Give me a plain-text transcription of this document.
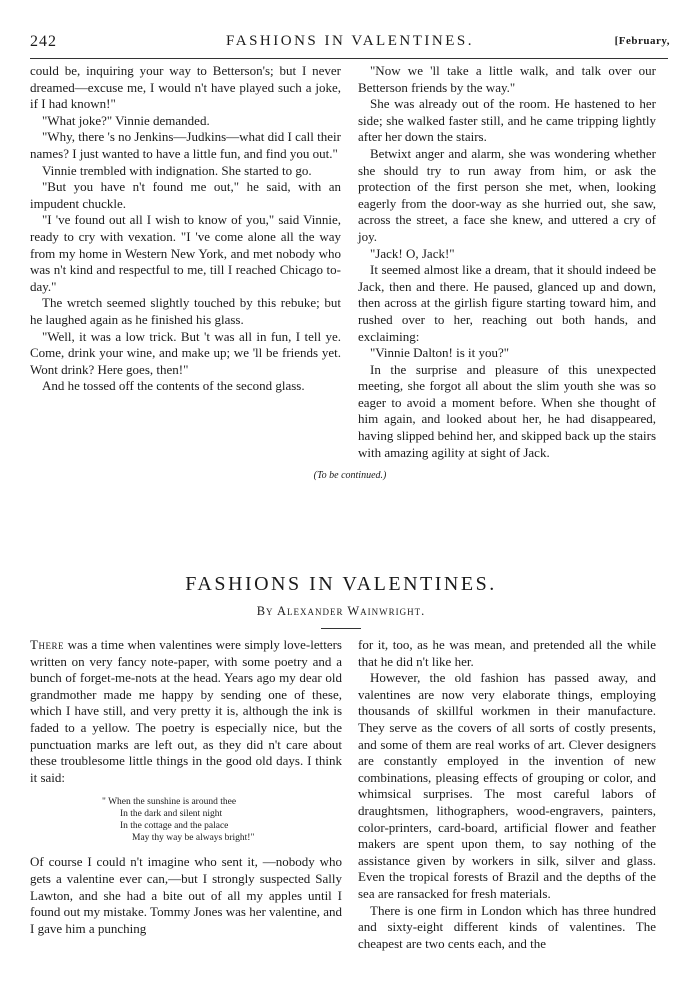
242	FASHIONS IN VALENTINES.	[February,

could be, inquiring your way to Betterson's; but I never dreamed—excuse me, I would n't have played such a joke, if I had known!"

"What joke?" Vinnie demanded.

"Why, there 's no Jenkins—Judkins—what did I call their names? I just wanted to have a little fun, and find you out."

Vinnie trembled with indignation. She started to go.

"But you have n't found me out," he said, with an impudent chuckle.

"I 've found out all I wish to know of you," said Vinnie, ready to cry with vexation. "I 've come alone all the way from my home in Western New York, and met nobody who was n't kind and respectful to me, till I reached Chicago to-day."

The wretch seemed slightly touched by this rebuke; but he laughed again as he finished his glass.

"Well, it was a low trick. But 't was all in fun, I tell ye. Come, drink your wine, and make up; we 'll be friends yet. Wont drink? Here goes, then!"

And he tossed off the contents of the second glass.

"Now we 'll take a little walk, and talk over our Betterson friends by the way."

She was already out of the room. He hastened to her side; she walked faster still, and he came tripping lightly after her down the stairs.

Betwixt anger and alarm, she was wondering whether she should try to run away from him, or ask the protection of the first person she met, when, looking eagerly from the door-way as she hurried out, she saw, across the street, a face she knew, and uttered a cry of joy.

"Jack! O, Jack!"

It seemed almost like a dream, that it should indeed be Jack, then and there. He paused, glanced up and down, then across at the girlish figure starting toward him, and rushed over to her, reaching out both hands, and exclaiming:

"Vinnie Dalton! is it you?"

In the surprise and pleasure of this unexpected meeting, she forgot all about the slim youth she was so eager to avoid a moment before. When she thought of him again, and looked about her, he had disappeared, having slipped behind her, and skipped back up the stairs with amazing agility at sight of Jack.

(To be continued.)
FASHIONS IN VALENTINES.
By Alexander Wainwright.

There was a time when valentines were simply love-letters written on very fancy note-paper, with some poetry and a bunch of forget-me-nots at the head. Years ago my dear old grandmother made me happy by sending one of these, which I have still, and very pretty it is, although the ink is faded to a yellow. The poetry is especially nice, but the punctuation marks are left out, as they did n't care about these troublesome little things in the good old days. I think it said:

" When the sunshine is around thee
In the dark and silent night
In the cottage and the palace
May thy way be always bright!"

Of course I could n't imagine who sent it, —nobody who gets a valentine ever can,—but I strongly suspected Sally Lawton, and she had a bite out of all my apples until I found out my mistake. Tommy Jones was her valentine, and I gave him a punching

for it, too, as he was mean, and pretended all the while that he did n't like her.

However, the old fashion has passed away, and valentines are now very elaborate things, employing thousands of skillful workmen in their manufacture. They serve as the covers of all sorts of costly presents, and some of them are real works of art. Clever designers are constantly employed in the invention of new combinations, pleasing effects of grouping or color, and whimsical surprises. The most careful labors of draughtsmen, lithographers, wood-engravers, painters, color-printers, card-board, artificial flower and feather makers are spent upon them, to say nothing of the assistance given by workers in silk, silver and glass. Even the tropical forests of Brazil and the depths of the sea are ransacked for fresh materials.

There is one firm in London which has three hundred and sixty-eight different kinds of valentines. The cheapest are two cents each, and the
